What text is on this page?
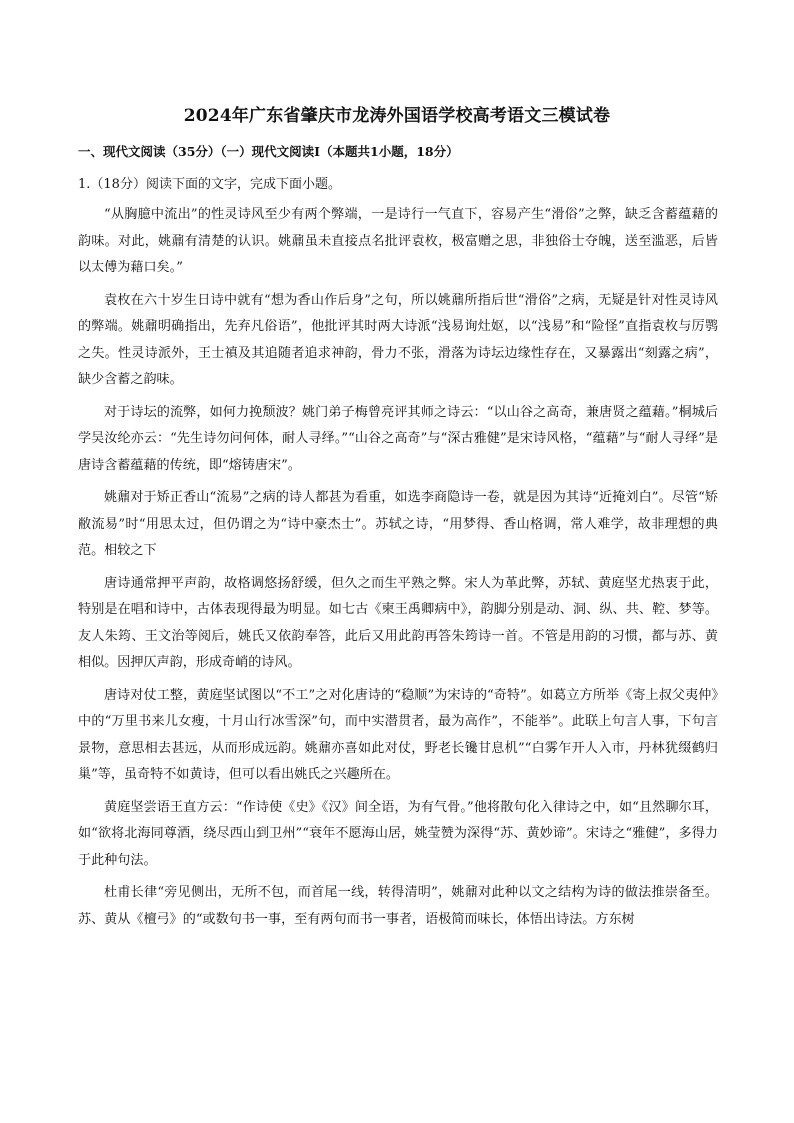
2024年广东省肇庆市龙涛外国语学校高考语文三模试卷
一、现代文阅读（35分）（一）现代文阅读Ⅰ（本题共1小题，18分）
1.（18分）阅读下面的文字，完成下面小题。

“从胸臆中流出”的性灵诗风至少有两个弊端，一是诗行一气直下，容易产生“滑俗”之弊，缺乏含蓄蕴藉的韵味。对此，姚鼐有清楚的认识。姚鼐虽未直接点名批评袁枚，极富赠之思，非独俗士夺魄，送至滥恶，后皆以太傅为藉口矣。”

袁枚在六十岁生日诗中就有“想为香山作后身”之句，所以姚鼐所指后世“滑俗”之病，无疑是针对性灵诗风的弊端。姚鼐明确指出，先弃凡俗语”，他批评其时两大诗派“浅易询灶妪，以“浅易”和“险怪”直指袁枚与厉鹗之失。性灵诗派外，王士禛及其追随者追求神韵，骨力不张，滑落为诗坛边缘性存在，又暴露出“刻露之病”，缺少含蓄之韵味。

对于诗坛的流弊，如何力挽颓波？姚门弟子梅曾亮评其师之诗云：“以山谷之高奇，兼唐贤之蕴藉。”桐城后学吴汝纶亦云：“先生诗勿问何体，耐人寻绎。”“山谷之高奇”与“深古雅健”是宋诗风格，“蕴藉”与“耐人寻绎”是唐诗含蓄蕴藉的传统，即“熔铸唐宋”。

姚鼐对于矫正香山“流易”之病的诗人都甚为看重，如选李商隐诗一卷，就是因为其诗“近掩刘白”。尽管“矫敝流易”时“用思太过，但仍谓之为“诗中豪杰士”。苏轼之诗，“用梦得、香山格调，常人难学，故非理想的典范。相较之下

唐诗通常押平声韵，故格调悠扬舒缓，但久之而生平熟之弊。宋人为革此弊，苏轼、黄庭坚尤热衷于此，特别是在唱和诗中，古体表现得最为明显。如七古《柬王禹卿病中》，韵脚分别是动、洞、纵、共、鞚、梦等。友人朱筠、王文治等阅后，姚氏又依韵奉答，此后又用此韵再答朱筠诗一首。不管是用韵的习惯，都与苏、黄相似。因押仄声韵，形成奇峭的诗风。

唐诗对仗工整，黄庭坚试图以“不工”之对化唐诗的“稳顺”为宋诗的“奇特”。如葛立方所举《寄上叔父夷仲》中的“万里书来儿女瘦，十月山行冰雪深”句，而中实潜贯者，最为高作”，不能举”。此联上句言人事，下句言景物，意思相去甚远，从而形成远韵。姚鼐亦喜如此对仗，野老长镵甘息机”“白雾乍开人入市，丹林犹缀鹤归巢”等，虽奇特不如黄诗，但可以看出姚氏之兴趣所在。

黄庭坚尝语王直方云：“作诗使《史》《汉》间全语，为有气骨。”他将散句化入律诗之中，如“且然聊尔耳，如“欲将北海同尊酒，绕尽西山到卫州”“衰年不愿海山居，姚莹赞为深得“苏、黄妙谛”。宋诗之“雅健”，多得力于此种句法。

杜甫长律“旁见侧出，无所不包，而首尾一线，转得清明”，姚鼐对此种以文之结构为诗的做法推崇备至。苏、黄从《檀弓》的“或数句书一事，至有两句而书一事者，语极简而味长，体悟出诗法。方东树
